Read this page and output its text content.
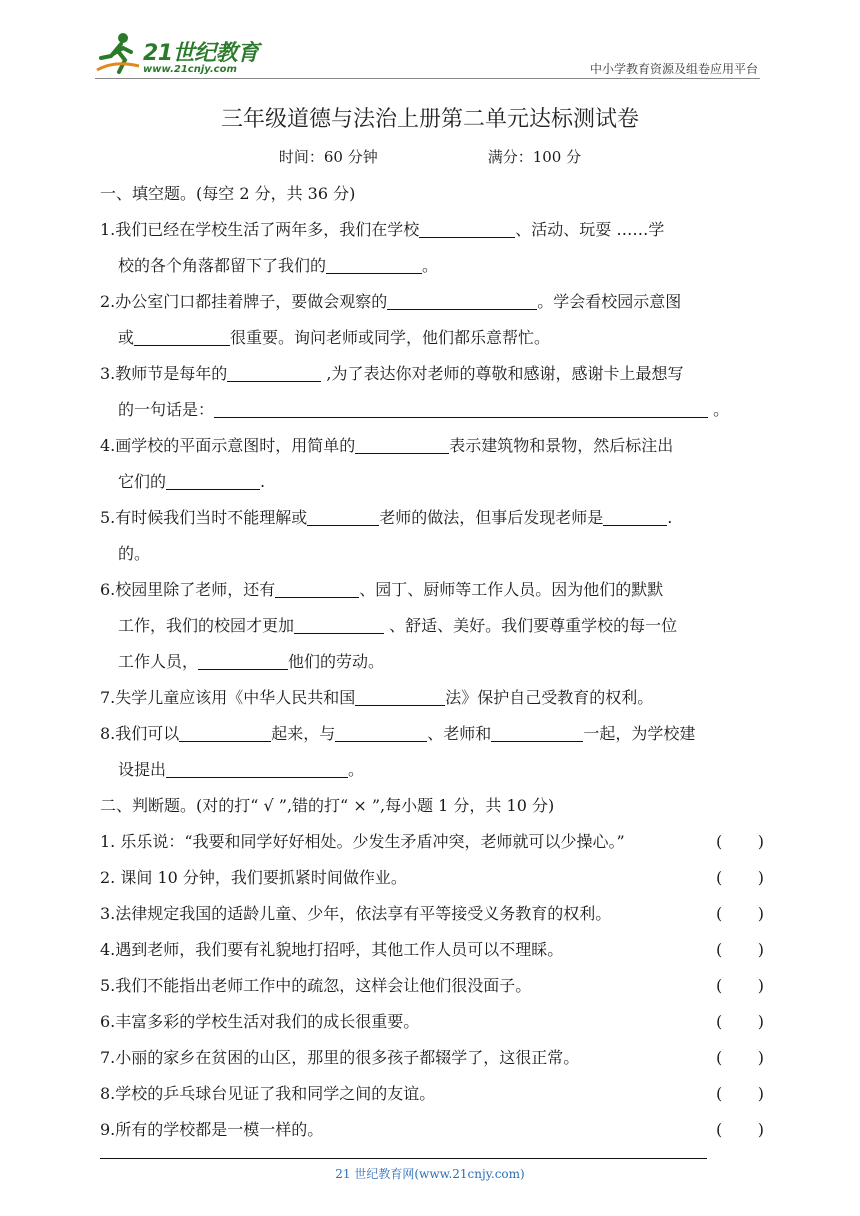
21世纪教育
www.21cnjy.com	中小学教育资源及组卷应用平台
三年级道德与法治上册第二单元达标测试卷
时间：60 分钟	满分：100 分
一、填空题。(每空 2 分，共 36 分)
1.我们已经在学校生活了两年多，我们在学校	、活动、玩耍 ……学
校的各个角落都留下了我们的	。
2.办公室门口都挂着牌子，要做会观察的	。学会看校园示意图
或	很重要。询问老师或同学，他们都乐意帮忙。
3.教师节是每年的	,为了表达你对老师的尊敬和感谢，感谢卡上最想写
的一句话是：	。
4.画学校的平面示意图时，用简单的	表示建筑物和景物，然后标注出
它们的	.
5.有时候我们当时不能理解或	老师的做法，但事后发现老师是	.
的。
6.校园里除了老师，还有	、园丁、厨师等工作人员。因为他们的默默
工作，我们的校园才更加	、舒适、美好。我们要尊重学校的每一位
工作人员，	他们的劳动。
7.失学儿童应该用《中华人民共和国	法》保护自己受教育的权利。
8.我们可以	起来，与	、老师和	一起，为学校建
设提出	。
二、判断题。(对的打“ √ ”,错的打“ × ”,每小题 1 分，共 10 分)
1. 乐乐说：“我要和同学好好相处。少发生矛盾冲突，老师就可以少操心。”	( )
2. 课间 10 分钟，我们要抓紧时间做作业。	( )
3.法律规定我国的适龄儿童、少年，依法享有平等接受义务教育的权利。	( )
4.遇到老师，我们要有礼貌地打招呼，其他工作人员可以不理睬。	( )
5.我们不能指出老师工作中的疏忽，这样会让他们很没面子。	( )
6.丰富多彩的学校生活对我们的成长很重要。	( )
7.小丽的家乡在贫困的山区，那里的很多孩子都辍学了，这很正常。	( )
8.学校的乒乓球台见证了我和同学之间的友谊。	( )
9.所有的学校都是一模一样的。	( )
21 世纪教育网(www.21cnjy.com)
